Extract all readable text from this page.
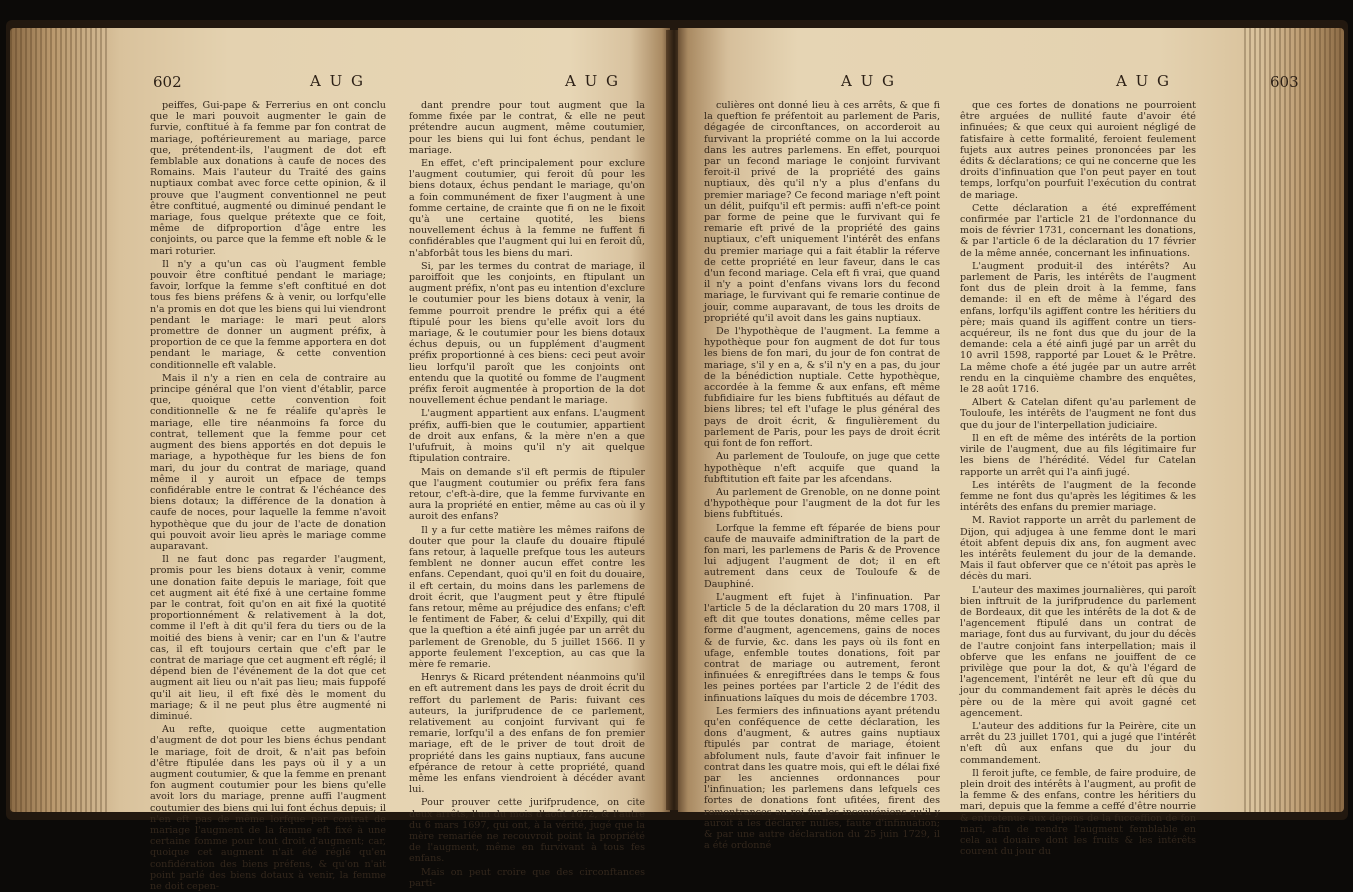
602	A U G	A U G

peiffes, Gui-pape & Ferrerius en ont conclu que le mari pouvoit augmenter le gain de furvie, conftitué à fa femme par fon contrat de mariage, poftérieurement au mariage, parce que, prétendent-ils, l'augment de dot eft femblable aux donations à caufe de noces des Romains. Mais l'auteur du Traité des gains nuptiaux combat avec force cette opinion, & il prouve que l'augment conventionnel ne peut être conftitué, augmenté ou diminué pendant le mariage, fous quelque prétexte que ce foit, même de difproportion d'âge entre les conjoints, ou parce que la femme eft noble & le mari roturier.

Il n'y a qu'un cas où l'augment femble pouvoir être conftitué pendant le mariage; favoir, lorfque la femme s'eft conftitué en dot tous fes biens préfens & à venir, ou lorfqu'elle n'a promis en dot que les biens qui lui viendront pendant le mariage: le mari peut alors promettre de donner un augment préfix, à proportion de ce que la femme apportera en dot pendant le mariage, & cette convention conditionnelle eft valable.

Mais il n'y a rien en cela de contraire au principe général que l'on vient d'établir, parce que, quoique cette convention foit conditionnelle & ne fe réalife qu'après le mariage, elle tire néanmoins fa force du contrat, tellement que la femme pour cet augment des biens apportés en dot depuis le mariage, a hypothèque fur les biens de fon mari, du jour du contrat de mariage, quand même il y auroit un efpace de temps confidérable entre le contrat & l'échéance des biens dotaux; la différence de la donation à caufe de noces, pour laquelle la femme n'avoit hypothèque que du jour de l'acte de donation qui pouvoit avoir lieu après le mariage comme auparavant.

Il ne faut donc pas regarder l'augment, promis pour les biens dotaux à venir, comme une donation faite depuis le mariage, foit que cet augment ait été fixé à une certaine fomme par le contrat, foit qu'on en ait fixé la quotité proportionnément & relativement à la dot, comme il l'eft à dit qu'il fera du tiers ou de la moitié des biens à venir; car en l'un & l'autre cas, il eft toujours certain que c'eft par le contrat de mariage que cet augment eft réglé; il dépend bien de l'événement de la dot que cet augment ait lieu ou n'ait pas lieu; mais fuppofé qu'il ait lieu, il eft fixé dès le moment du mariage; & il ne peut plus être augmenté ni diminué.

Au refte, quoique cette augmentation d'augment de dot pour les biens échus pendant le mariage, foit de droit, & n'ait pas befoin d'être ftipulée dans les pays où il y a un augment coutumier, & que la femme en prenant fon augment coutumier pour les biens qu'elle avoit lors du mariage, prenne auffi l'augment coutumier des biens qui lui font échus depuis; il n'en eft pas de même lorfque par contrat de mariage l'augment de la femme eft fixé à une certaine fomme pour tout droit d'augment; car, quoique cet augment n'ait été réglé qu'en confidération des biens préfens, & qu'on n'ait point parlé des biens dotaux à venir, la femme ne doit cepen-

dant prendre pour tout augment que la fomme fixée par le contrat, & elle ne peut prétendre aucun augment, même coutumier, pour les biens qui lui font échus, pendant le mariage.

En effet, c'eft principalement pour exclure l'augment coutumier, qui feroit dû pour les biens dotaux, échus pendant le mariage, qu'on a foin communément de fixer l'augment à une fomme certaine, de crainte que fi on ne le fixoit qu'à une certaine quotité, les biens nouvellement échus à la femme ne fuffent fi confidérables que l'augment qui lui en feroit dû, n'abforbât tous les biens du mari.

Si, par les termes du contrat de mariage, il paroiffoit que les conjoints, en ftipulant un augment préfix, n'ont pas eu intention d'exclure le coutumier pour les biens dotaux à venir, la femme pourroit prendre le préfix qui a été ftipulé pour les biens qu'elle avoit lors du mariage, & le coutumier pour les biens dotaux échus depuis, ou un fupplément d'augment préfix proportionné à ces biens: ceci peut avoir lieu lorfqu'il paroît que les conjoints ont entendu que la quotité ou fomme de l'augment préfix feroit augmentée à proportion de la dot nouvellement échue pendant le mariage.

L'augment appartient aux enfans. L'augment préfix, auffi-bien que le coutumier, appartient de droit aux enfans, & la mère n'en a que l'ufufruit, à moins qu'il n'y ait quelque ftipulation contraire.

Mais on demande s'il eft permis de ftipuler que l'augment coutumier ou préfix fera fans retour, c'eft-à-dire, que la femme furvivante en aura la propriété en entier, même au cas où il y auroit des enfans?

Il y a fur cette matière les mêmes raifons de douter que pour la claufe du douaire ftipulé fans retour, à laquelle prefque tous les auteurs femblent ne donner aucun effet contre les enfans. Cependant, quoi qu'il en foit du douaire, il eft certain, du moins dans les parlemens de droit écrit, que l'augment peut y être ftipulé fans retour, même au préjudice des enfans; c'eft le fentiment de Faber, & celui d'Expilly, qui dit que la queftion a été ainfi jugée par un arrêt du parlement de Grenoble, du 5 juillet 1566. Il y apporte feulement l'exception, au cas que la mère fe remarie.

Henrys & Ricard prétendent néanmoins qu'il en eft autrement dans les pays de droit écrit du reffort du parlement de Paris: fuivant ces auteurs, la jurifprudence de ce parlement, relativement au conjoint furvivant qui fe remarie, lorfqu'il a des enfans de fon premier mariage, eft de le priver de tout droit de propriété dans les gains nuptiaux, fans aucune efpérance de retour à cette propriété, quand même les enfans viendroient à décéder avant lui.

Pour prouver cette jurifprudence, on cite deux arrêts, l'un du mois d'août 1672, & l'autre du 6 mars 1697, qui ont, à la vérité, jugé que la mère remariée ne recouvroit point la propriété de l'augment, même en furvivant à tous fes enfans.

Mais on peut croire que des circonftances parti-

A U G	A U G	603

culières ont donné lieu à ces arrêts, & que fi la queftion fe préfentoit au parlement de Paris, dégagée de circonftances, on accorderoit au furvivant la propriété comme on la lui accorde dans les autres parlemens. En effet, pourquoi par un fecond mariage le conjoint furvivant feroit-il privé de la propriété des gains nuptiaux, dès qu'il n'y a plus d'enfans du premier mariage? Ce fecond mariage n'eft point un délit, puifqu'il eft permis: auffi n'eft-ce point par forme de peine que le furvivant qui fe remarie eft privé de la propriété des gains nuptiaux, c'eft uniquement l'intérêt des enfans du premier mariage qui a fait établir la réferve de cette propriété en leur faveur, dans le cas d'un fecond mariage. Cela eft fi vrai, que quand il n'y a point d'enfans vivans lors du fecond mariage, le furvivant qui fe remarie continue de jouir, comme auparavant, de tous les droits de propriété qu'il avoit dans les gains nuptiaux.

De l'hypothèque de l'augment. La femme a hypothèque pour fon augment de dot fur tous les biens de fon mari, du jour de fon contrat de mariage, s'il y en a, & s'il n'y en a pas, du jour de la bénédiction nuptiale. Cette hypothèque, accordée à la femme & aux enfans, eft même fubfidiaire fur les biens fubftitués au défaut de biens libres; tel eft l'ufage le plus général des pays de droit écrit, & fingulièrement du parlement de Paris, pour les pays de droit écrit qui font de fon reffort.

Au parlement de Touloufe, on juge que cette hypothèque n'eft acquife que quand la fubftitution eft faite par les afcendans.

Au parlement de Grenoble, on ne donne point d'hypothèque pour l'augment de la dot fur les biens fubftitués.

Lorfque la femme eft féparée de biens pour caufe de mauvaife adminiftration de la part de fon mari, les parlemens de Paris & de Provence lui adjugent l'augment de dot; il en eft autrement dans ceux de Touloufe & de Dauphiné.

L'augment eft fujet à l'infinuation. Par l'article 5 de la déclaration du 20 mars 1708, il eft dit que toutes donations, même celles par forme d'augment, agencemens, gains de noces & de furvie, &c. dans les pays où ils font en ufage, enfemble toutes donations, foit par contrat de mariage ou autrement, feront infinuées & enregiftrées dans le temps & fous les peines portées par l'article 2 de l'édit des infinuations laïques du mois de décembre 1703.

Les fermiers des infinuations ayant prétendu qu'en conféquence de cette déclaration, les dons d'augment, & autres gains nuptiaux ftipulés par contrat de mariage, étoient abfolument nuls, faute d'avoir fait infinuer le contrat dans les quatre mois, qui eft le délai fixé par les anciennes ordonnances pour l'infinuation; les parlemens dans lefquels ces fortes de donations font ufitées, firent des remontrances au roi fur les inconvéniens qu'il y auroit à les déclarer nulles, faute d'infinuation; & par une autre déclaration du 25 juin 1729, il a été ordonné

que ces fortes de donations ne pourroient être arguées de nullité faute d'avoir été infinuées; & que ceux qui auroient négligé de fatisfaire à cette formalité, feroient feulement fujets aux autres peines prononcées par les édits & déclarations; ce qui ne concerne que les droits d'infinuation que l'on peut payer en tout temps, lorfqu'on pourfuit l'exécution du contrat de mariage.

Cette déclaration a été expreffément confirmée par l'article 21 de l'ordonnance du mois de février 1731, concernant les donations, & par l'article 6 de la déclaration du 17 février de la même année, concernant les infinuations.

L'augment produit-il des intérêts? Au parlement de Paris, les intérêts de l'augment font dus de plein droit à la femme, fans demande: il en eft de même à l'égard des enfans, lorfqu'ils agiffent contre les héritiers du père; mais quand ils agiffent contre un tiers-acquéreur, ils ne font dus que du jour de la demande: cela a été ainfi jugé par un arrêt du 10 avril 1598, rapporté par Louet & le Prêtre. La même chofe a été jugée par un autre arrêt rendu en la cinquième chambre des enquêtes, le 28 août 1716.

Albert & Catelan difent qu'au parlement de Touloufe, les intérêts de l'augment ne font dus que du jour de l'interpellation judiciaire.

Il en eft de même des intérêts de la portion virile de l'augment, due au fils légitimaire fur les biens de l'hérédité. Védel fur Catelan rapporte un arrêt qui l'a ainfi jugé.

Les intérêts de l'augment de la feconde femme ne font dus qu'après les légitimes & les intérêts des enfans du premier mariage.

M. Raviot rapporte un arrêt du parlement de Dijon, qui adjugea à une femme dont le mari étoit abfent depuis dix ans, fon augment avec les intérêts feulement du jour de la demande. Mais il faut obferver que ce n'étoit pas après le décès du mari.

L'auteur des maximes journalières, qui paroît bien inftruit de la jurifprudence du parlement de Bordeaux, dit que les intérêts de la dot & de l'agencement ftipulé dans un contrat de mariage, font dus au furvivant, du jour du décès de l'autre conjoint fans interpellation; mais il obferve que les enfans ne jouiffent de ce privilège que pour la dot, & qu'à l'égard de l'agencement, l'intérêt ne leur eft dû que du jour du commandement fait après le décès du père ou de la mère qui avoit gagné cet agencement.

L'auteur des additions fur la Peirère, cite un arrêt du 23 juillet 1701, qui a jugé que l'intérêt n'eft dû aux enfans que du jour du commandement.

Il feroit jufte, ce femble, de faire produire, de plein droit des intérêts à l'augment, au profit de la femme & des enfans, contre les héritiers du mari, depuis que la femme a ceffé d'être nourrie & entretenue aux dépens de la fucceffion de fon mari, afin de rendre l'augment femblable en cela au douaire dont les fruits & les intérêts courent du jour du
